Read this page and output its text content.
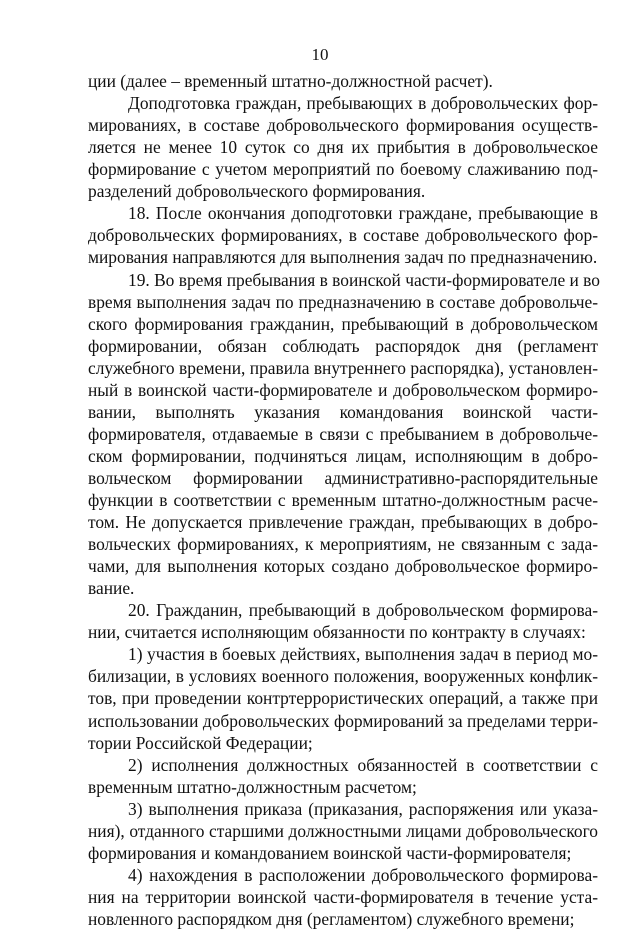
10
ции (далее – временный штатно-должностной расчет).
Доподготовка граждан, пребывающих в добровольческих фор-
мированиях, в составе добровольческого формирования осуществ-
ляется не менее 10 суток со дня их прибытия в добровольческое
формирование с учетом мероприятий по боевому слаживанию под-
разделений добровольческого формирования.
18. После окончания доподготовки граждане, пребывающие в
добровольческих формированиях, в составе добровольческого фор-
мирования направляются для выполнения задач по предназначению.
19. Во время пребывания в воинской части-формирователе и во
время выполнения задач по предназначению в составе добровольче-
ского формирования гражданин, пребывающий в добровольческом
формировании, обязан соблюдать распорядок дня (регламент
служебного времени, правила внутреннего распорядка), установлен-
ный в воинской части-формирователе и добровольческом формиро-
вании, выполнять указания командования воинской части-
формирователя, отдаваемые в связи с пребыванием в добровольче-
ском формировании, подчиняться лицам, исполняющим в добро-
вольческом формировании административно-распорядительные
функции в соответствии с временным штатно-должностным расче-
том. Не допускается привлечение граждан, пребывающих в добро-
вольческих формированиях, к мероприятиям, не связанным с зада-
чами, для выполнения которых создано добровольческое формиро-
вание.
20. Гражданин, пребывающий в добровольческом формирова-
нии, считается исполняющим обязанности по контракту в случаях:
1) участия в боевых действиях, выполнения задач в период мо-
билизации, в условиях военного положения, вооруженных конфлик-
тов, при проведении контртеррористических операций, а также при
использовании добровольческих формирований за пределами терри-
тории Российской Федерации;
2) исполнения должностных обязанностей в соответствии с
временным штатно-должностным расчетом;
3) выполнения приказа (приказания, распоряжения или указа-
ния), отданного старшими должностными лицами добровольческого
формирования и командованием воинской части-формирователя;
4) нахождения в расположении добровольческого формирова-
ния на территории воинской части-формирователя в течение уста-
новленного распорядком дня (регламентом) служебного времени;
